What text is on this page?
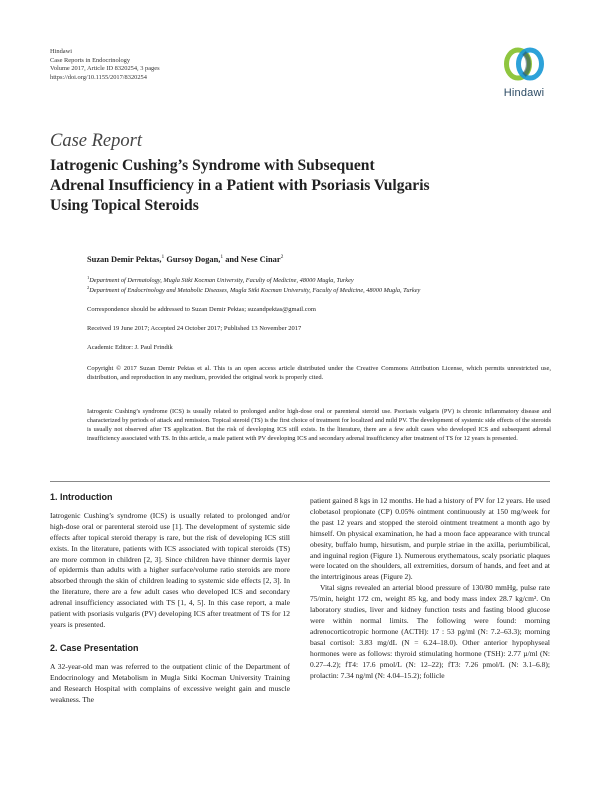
Hindawi
Case Reports in Endocrinology
Volume 2017, Article ID 8320254, 3 pages
https://doi.org/10.1155/2017/8320254
Hindawi
Case Report
Iatrogenic Cushing’s Syndrome with Subsequent
Adrenal Insufficiency in a Patient with Psoriasis Vulgaris
Using Topical Steroids
Suzan Demir Pektas,$^1$ Gursoy Dogan,$^1$ and Nese Cinar$^2$
$^1$Department of Dermatology, Mugla Sitki Kocman University, Faculty of Medicine, 48000 Mugla, Turkey
$^2$Department of Endocrinology and Metabolic Diseases, Mugla Sitki Kocman University, Faculty of Medicine, 48000 Mugla, Turkey
Correspondence should be addressed to Suzan Demir Pektas; suzandpektas@gmail.com
Received 19 June 2017; Accepted 24 October 2017; Published 13 November 2017
Academic Editor: J. Paul Frindik
Copyright © 2017 Suzan Demir Pektas et al. This is an open access article distributed under the Creative Commons Attribution License, which permits unrestricted use, distribution, and reproduction in any medium, provided the original work is properly cited.
Iatrogenic Cushing’s syndrome (ICS) is usually related to prolonged and/or high-dose oral or parenteral steroid use. Psoriasis vulgaris (PV) is chronic inflammatory disease and characterized by periods of attack and remission. Topical steroid (TS) is the first choice of treatment for localized and mild PV. The development of systemic side effects of the steroids is usually not observed after TS application. But the risk of developing ICS still exists. In the literature, there are a few adult cases who developed ICS and subsequent adrenal insufficiency associated with TS. In this article, a male patient with PV developing ICS and secondary adrenal insufficiency after treatment of TS for 12 years is presented.
1. Introduction

Iatrogenic Cushing’s syndrome (ICS) is usually related to prolonged and/or high-dose oral or parenteral steroid use [1]. The development of systemic side effects after topical steroid therapy is rare, but the risk of developing ICS still exists. In the literature, patients with ICS associated with topical steroids (TS) are more common in children [2, 3]. Since children have thinner dermis layer of epidermis than adults with a higher surface/volume ratio steroids are more absorbed through the skin of children leading to systemic side effects [2, 3]. In the literature, there are a few adult cases who developed ICS and secondary adrenal insufficiency associated with TS [1, 4, 5]. In this case report, a male patient with psoriasis vulgaris (PV) developing ICS after treatment of TS for 12 years is presented.

2. Case Presentation

A 32-year-old man was referred to the outpatient clinic of the Department of Endocrinology and Metabolism in Mugla Sitki Kocman University Training and Research Hospital with complains of excessive weight gain and muscle weakness. The

patient gained 8 kgs in 12 months. He had a history of PV for 12 years. He used clobetasol propionate (CP) 0.05% ointment continuously at 150 mg/week for the past 12 years and stopped the steroid ointment treatment a month ago by himself. On physical examination, he had a moon face appearance with truncal obesity, buffalo hump, hirsutism, and purple striae in the axilla, periumbilical, and inguinal region (Figure 1). Numerous erythematous, scaly psoriatic plaques were located on the shoulders, all extremities, dorsum of hands, and feet and at the intertriginous areas (Figure 2).

Vital signs revealed an arterial blood pressure of 130/80 mmHg, pulse rate 75/min, height 172 cm, weight 85 kg, and body mass index 28.7 kg/cm². On laboratory studies, liver and kidney function tests and fasting blood glucose were within normal limits. The following were found: morning adrenocorticotropic hormone (ACTH): 17 : 53 pg/ml (N: 7.2–63.3); morning basal cortisol: 3.83 mg/dL (N = 6.24–18.0). Other anterior hypophyseal hormones were as follows: thyroid stimulating hormone (TSH): 2.77 µ/ml (N: 0.27–4.2); fT4: 17.6 pmol/L (N: 12–22); fT3: 7.26 pmol/L (N: 3.1–6.8); prolactin: 7.34 ng/ml (N: 4.04–15.2); follicle
